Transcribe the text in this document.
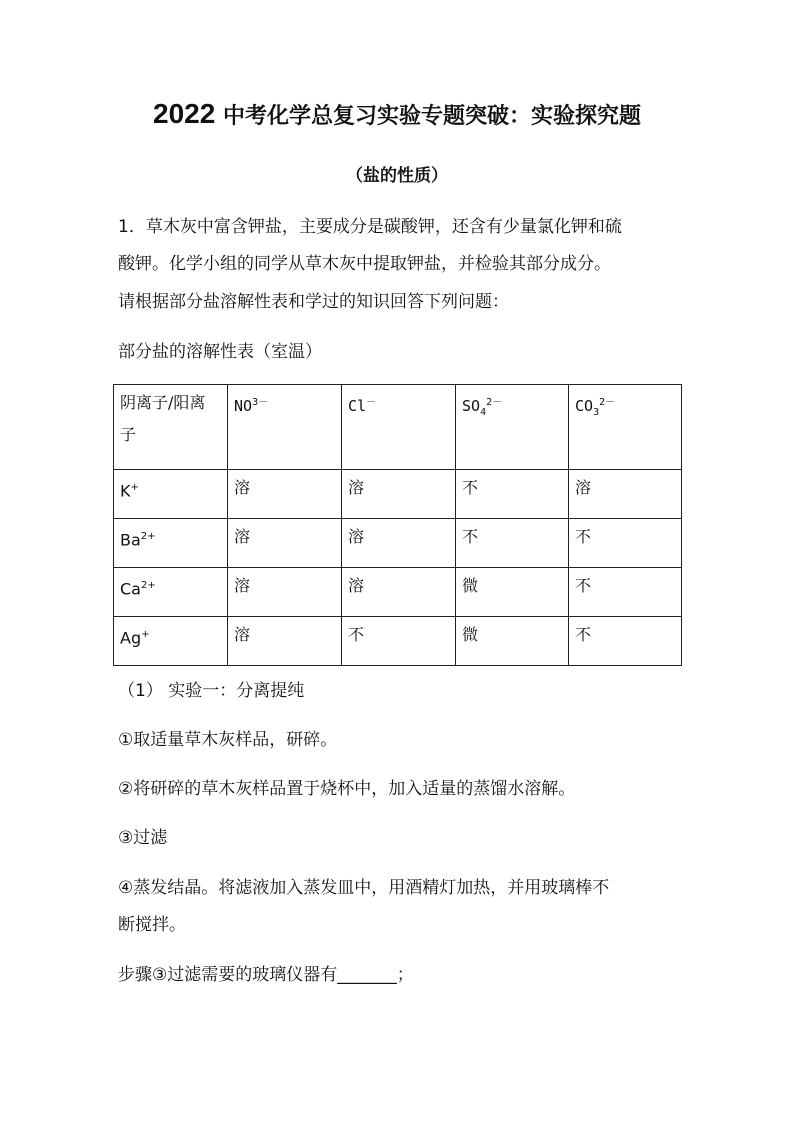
2022 中考化学总复习实验专题突破：实验探究题
（盐的性质）
1．草木灰中富含钾盐，主要成分是碳酸钾，还含有少量氯化钾和硫
酸钾。化学小组的同学从草木灰中提取钾盐，并检验其部分成分。
请根据部分盐溶解性表和学过的知识回答下列问题：
部分盐的溶解性表（室温）
阴离子/阳离子	$NO^{3-}$	Cl－	$SO_4^{2-}$	$CO_3^{2-}$
K+	溶	溶	不	溶
$Ba^{2+}$	溶	溶	不	不
$Ca^{2+}$	溶	溶	微	不
Ag+	溶	不	微	不
（1） 实验一：分离提纯
①取适量草木灰样品，研碎。
②将研碎的草木灰样品置于烧杯中，加入适量的蒸馏水溶解。
③过滤
④蒸发结晶。将滤液加入蒸发皿中，用酒精灯加热，并用玻璃棒不
断搅拌。
步骤③过滤需要的玻璃仪器有_______；
